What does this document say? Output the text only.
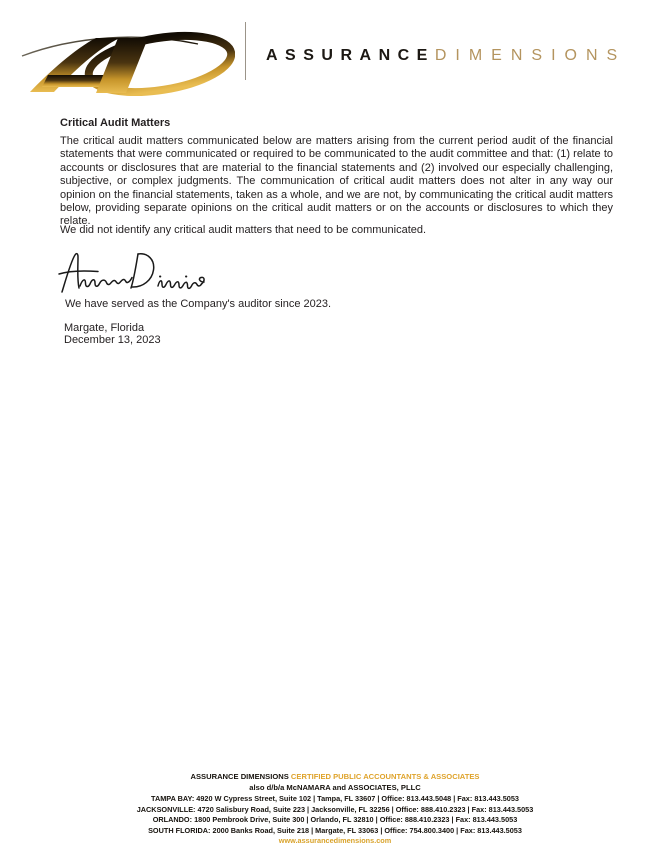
ASSURANCEDIMENSIONS
Critical Audit Matters

The critical audit matters communicated below are matters arising from the current period audit of the financial statements that were communicated or required to be communicated to the audit committee and that: (1) relate to accounts or disclosures that are material to the financial statements and (2) involved our especially challenging, subjective, or complex judgments. The communication of critical audit matters does not alter in any way our opinion on the financial statements, taken as a whole, and we are not, by communicating the critical audit matters below, providing separate opinions on the critical audit matters or on the accounts or disclosures to which they relate.

We did not identify any critical audit matters that need to be communicated.

We have served as the Company's auditor since 2023.
Margate, Florida
December 13, 2023
ASSURANCE DIMENSIONS CERTIFIED PUBLIC ACCOUNTANTS & ASSOCIATES
also d/b/a McNAMARA and ASSOCIATES, PLLC
TAMPA BAY: 4920 W Cypress Street, Suite 102 | Tampa, FL 33607 | Office: 813.443.5048 | Fax: 813.443.5053
JACKSONVILLE: 4720 Salisbury Road, Suite 223 | Jacksonville, FL 32256 | Office: 888.410.2323 | Fax: 813.443.5053
ORLANDO: 1800 Pembrook Drive, Suite 300 | Orlando, FL 32810 | Office: 888.410.2323 | Fax: 813.443.5053
SOUTH FLORIDA: 2000 Banks Road, Suite 218 | Margate, FL 33063 | Office: 754.800.3400 | Fax: 813.443.5053
www.assurancedimensions.com
